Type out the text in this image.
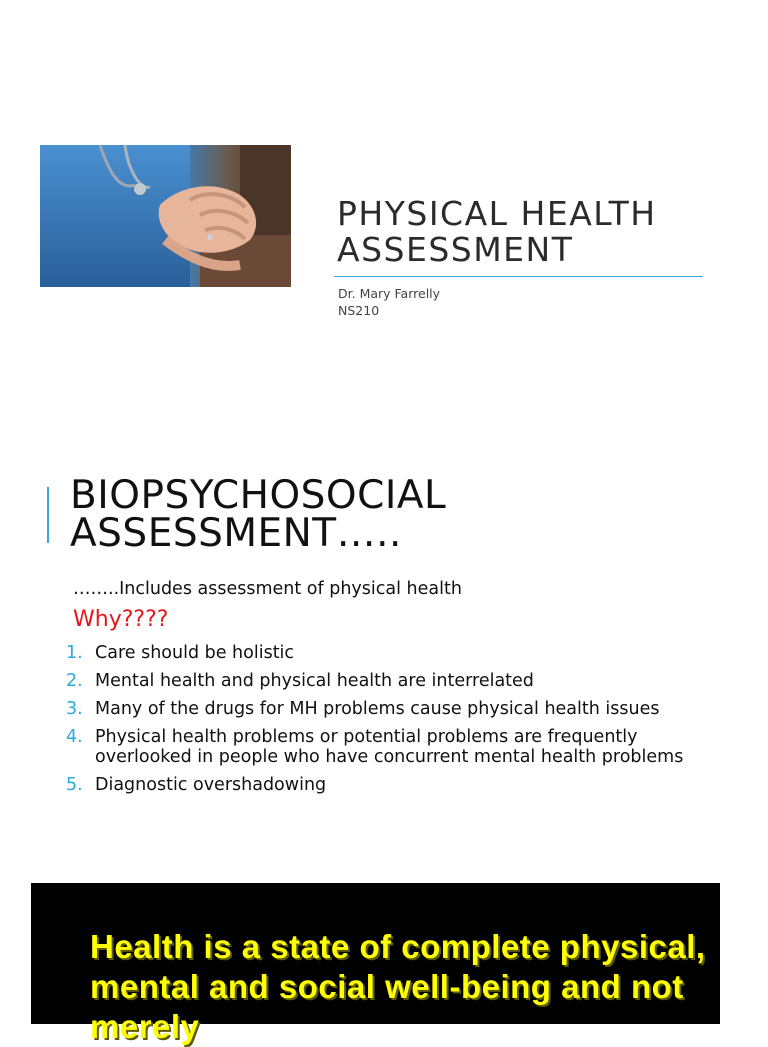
PHYSICAL HEALTH ASSESSMENT
Dr. Mary Farrelly
NS210
BIOPSYCHOSOCIAL ASSESSMENT…..
……..Includes assessment of physical health
Why????
1. Care should be holistic
2. Mental health and physical health are interrelated
3. Many of the drugs for MH problems cause physical health issues
4. Physical health problems or potential problems are frequently overlooked in people who have concurrent mental health problems
5. Diagnostic overshadowing
Health is a state of complete physical, mental and social well-being and not merely
